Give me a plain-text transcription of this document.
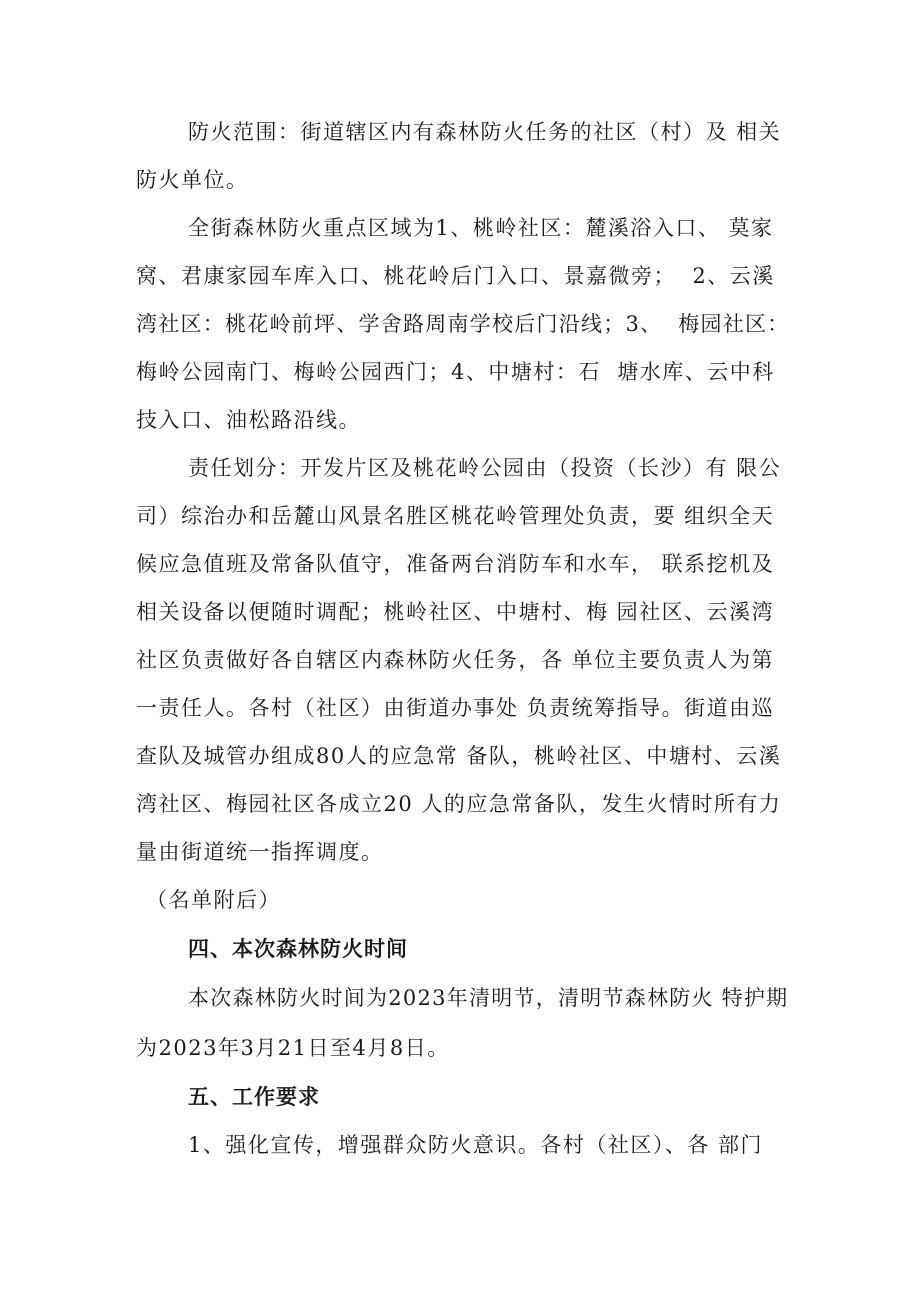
防火范围：街道辖区内有森林防火任务的社区（村）及 相关
防火单位。
全街森林防火重点区域为1、桃岭社区：麓溪浴入口、 莫家
窝、君康家园车库入口、桃花岭后门入口、景嘉微旁；  2、云溪
湾社区：桃花岭前坪、学舍路周南学校后门沿线；3、  梅园社区：
梅岭公园南门、梅岭公园西门；4、中塘村：石  塘水库、云中科
技入口、油松路沿线。
责任划分：开发片区及桃花岭公园由（投资（长沙）有 限公
司）综治办和岳麓山风景名胜区桃花岭管理处负责，要 组织全天
候应急值班及常备队值守，准备两台消防车和水车， 联系挖机及
相关设备以便随时调配；桃岭社区、中塘村、梅 园社区、云溪湾
社区负责做好各自辖区内森林防火任务，各 单位主要负责人为第
一责任人。各村（社区）由街道办事处 负责统筹指导。街道由巡
查队及城管办组成80人的应急常 备队，桃岭社区、中塘村、云溪
湾社区、梅园社区各成立20 人的应急常备队，发生火情时所有力
量由街道统一指挥调度。
（名单附后）
四、本次森林防火时间
本次森林防火时间为2023年清明节，清明节森林防火 特护期
为2023年3月21日至4月8日。
五、工作要求
1、强化宣传，增强群众防火意识。各村（社区）、各 部门
